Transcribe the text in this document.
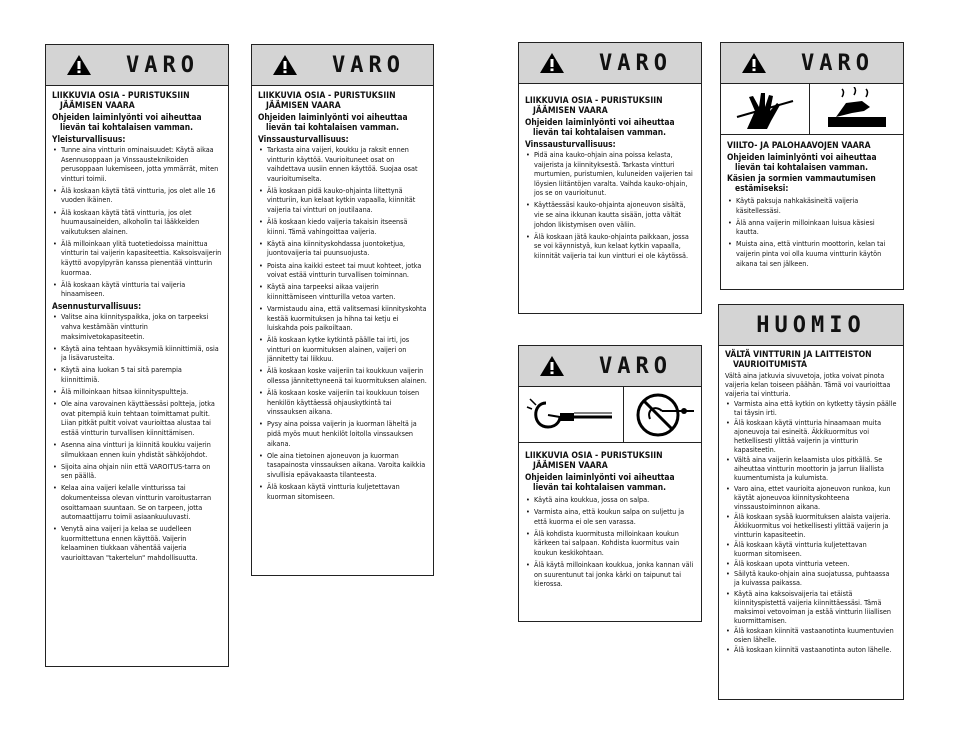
VARO
LIIKKUVIA OSIA - PURISTUKSIIN
JÄÄMISEN VAARA
Ohjeiden laiminlyönti voi aiheuttaa
lievän tai kohtalaisen vamman.
Yleisturvallisuus:
• Tunne aina vintturin ominaisuudet: Käytä aikaa Asennusoppaan ja Vinssausteknikoiden perusoppaan lukemiseen, jotta ymmärrät, miten vintturi toimii.
• Älä koskaan käytä tätä vintturia, jos olet alle 16 vuoden ikäinen.
• Älä koskaan käytä tätä vintturia, jos olet huumausaineiden, alkoholin tai lääkkeiden vaikutuksen alainen.
• Älä milloinkaan ylitä tuotetiedoissa mainittua vintturin tai vaijerin kapasiteettia. Kaksoisvaijerin käyttö avopylpyrän kanssa pienentää vintturin kuormaa.
• Älä koskaan käytä vintturia tai vaijeria hinaamiseen.
Asennusturvallisuus:
• Valitse aina kiinnityspaikka, joka on tarpeeksi vahva kestämään vintturin maksimivetokapasiteetin.
• Käytä aina tehtaan hyväksymiä kiinnittimiä, osia ja lisävarusteita.
• Käytä aina luokan 5 tai sitä parempia kiinnittimiä.
• Älä milloinkaan hitsaa kiinnityspultteja.
• Ole aina varovainen käyttäessäsi poltteja, jotka ovat pitempiä kuin tehtaan toimittamat pultit. Liian pitkät pultit voivat vaurioittaa alustaa tai estää vintturin turvallisen kiinnittämisen.
• Asenna aina vintturi ja kiinnitä koukku vaijerin silmukkaan ennen kuin yhdistät sähköjohdot.
• Sijoita aina ohjain niin että VAROITUS-tarra on sen päällä.
• Kelaa aina vaijeri kelalle vintturissa tai dokumenteissa olevan vintturin varoitustarran osoittamaan suuntaan. Se on tarpeen, jotta automaattijarru toimii asiaankuuluvasti.
• Venytä aina vaijeri ja kelaa se uudelleen kuormittettuna ennen käyttöä. Vaijerin kelaaminen tiukkaan vähentää vaijeria vaurioittavan "takertelun" mahdollisuutta.
VARO
LIIKKUVIA OSIA - PURISTUKSIIN
JÄÄMISEN VAARA
Ohjeiden laiminlyönti voi aiheuttaa
lievän tai kohtalaisen vamman.
Vinssausturvallisuus:
• Tarkasta aina vaijeri, koukku ja raksit ennen vintturin käyttöä. Vaurioituneet osat on vaihdettava uusiin ennen käyttöä. Suojaa osat vaurioitumiselta.
• Älä koskaan pidä kauko-ohjainta liitettynä vintturiin, kun kelaat kytkin vapaalla, kiinnität vaijeria tai vintturi on joutilaana.
• Älä koskaan kiedo vaijeria takaisin itseensä kiinni. Tämä vahingoittaa vaijeria.
• Käytä aina kiinnityskohdassa juontoketjua, juontovaijeria tai puunsuojusta.
• Poista aina kaikki esteet tai muut kohteet, jotka voivat estää vintturin turvallisen toiminnan.
• Käytä aina tarpeeksi aikaa vaijerin kiinnittämiseen vintturilla vetoa varten.
• Varmistaudu aina, että valitsemasi kiinnityskohta kestää kuormituksen ja hihna tai ketju ei luiskahda pois paikoiltaan.
• Älä koskaan kytke kytkintä päälle tai irti, jos vintturi on kuormituksen alainen, vaijeri on jännitetty tai liikkuu.
• Älä koskaan koske vaijeriin tai koukkuun vaijerin ollessa jännitettyneenä tai kuormituksen alainen.
• Älä koskaan koske vaijeriin tai koukkuun toisen henkilön käyttäessä ohjauskytkintä tai vinssauksen aikana.
• Pysy aina poissa vaijerin ja kuorman läheltä ja pidä myös muut henkilöt loitolla vinssauksen aikana.
• Ole aina tietoinen ajoneuvon ja kuorman tasapainosta vinssauksen aikana. Varoita kaikkia sivullisia epävakaasta tilanteesta.
• Älä koskaan käytä vintturia kuljetettavan kuorman sitomiseen.
VARO
LIIKKUVIA OSIA - PURISTUKSIIN
JÄÄMISEN VAARA
Ohjeiden laiminlyönti voi aiheuttaa
lievän tai kohtalaisen vamman.
Vinssausturvallisuus:
• Pidä aina kauko-ohjain aina poissa kelasta, vaijerista ja kiinnityksestä. Tarkasta vintturi murtumien, puristumien, kuluneiden vaijerien tai löysien liitäntöjen varalta. Vaihda kauko-ohjain, jos se on vaurioitunut.
• Käyttäessäsi kauko-ohjainta ajoneuvon sisältä, vie se aina ikkunan kautta sisään, jotta vältät johdon likistymisen oven väliin.
• Älä koskaan jätä kauko-ohjainta paikkaan, jossa se voi käynnistyä, kun kelaat kytkin vapaalla, kiinnität vaijeria tai kun vintturi ei ole käytössä.
VARO
LIIKKUVIA OSIA - PURISTUKSIIN
JÄÄMISEN VAARA
Ohjeiden laiminlyönti voi aiheuttaa
lievän tai kohtalaisen vamman.
• Käytä aina koukkua, jossa on salpa.
• Varmista aina, että koukun salpa on suljettu ja että kuorma ei ole sen varassa.
• Älä kohdista kuormitusta milloinkaan koukun kärkeen tai salpaan. Kohdista kuormitus vain koukun keskikohtaan.
• Älä käytä milloinkaan koukkua, jonka kannan väli on suurentunut tai jonka kärki on taipunut tai kierossa.
VARO
VIILTO- JA PALOHAAVOJEN VAARA
Ohjeiden laiminlyönti voi aiheuttaa
lievän tai kohtalaisen vamman.
Käsien ja sormien vammautumisen
estämiseksi:
• Käytä paksuja nahkakäsineitä vaijeria käsitellessäsi.
• Älä anna vaijerin milloinkaan luisua käsiesi kautta.
• Muista aina, että vintturin moottorin, kelan tai vaijerin pinta voi olla kuuma vintturin käytön aikana tai sen jälkeen.
HUOMIO
VÄLTÄ VINTTURIN JA LAITTEISTON
VAURIOITUMISTA
Vältä aina jatkuvia sivuvetoja, jotka voivat pinota vaijeria kelan toiseen päähän. Tämä voi vaurioittaa vaijeria tai vintturia.
• Varmista aina että kytkin on kytketty täysin päälle tai täysin irti.
• Älä koskaan käytä vintturia hinaamaan muita ajoneuvoja tai esineitä. Äkkikuormitus voi hetkellisesti ylittää vaijerin ja vintturin kapasiteetin.
• Vältä aina vaijerin kelaamista ulos pitkällä. Se aiheuttaa vintturin moottorin ja jarrun liiallista kuumentumista ja kulumista.
• Varo aina, ettet vaurioita ajoneuvon runkoa, kun käytät ajoneuvoa kiinnityskohteena vinssaustoiminnon aikana.
• Älä koskaan sysää kuormituksen alaista vaijeria. Äkkikuormitus voi hetkellisesti ylittää vaijerin ja vintturin kapasiteetin.
• Älä koskaan käytä vintturia kuljetettavan kuorman sitomiseen.
• Älä koskaan upota vintturia veteen.
• Säilytä kauko-ohjain aina suojatussa, puhtaassa ja kuivassa paikassa.
• Käytä aina kaksoisvaijeria tai etäistä kiinnityspistettä vaijeria kiinnittäessäsi. Tämä maksimoi vetovoiman ja estää vintturin liiallisen kuormittamisen.
• Älä koskaan kiinnitä vastaanotinta kuumentuvien osien lähelle.
• Älä koskaan kiinnitä vastaanotinta auton lähelle.
